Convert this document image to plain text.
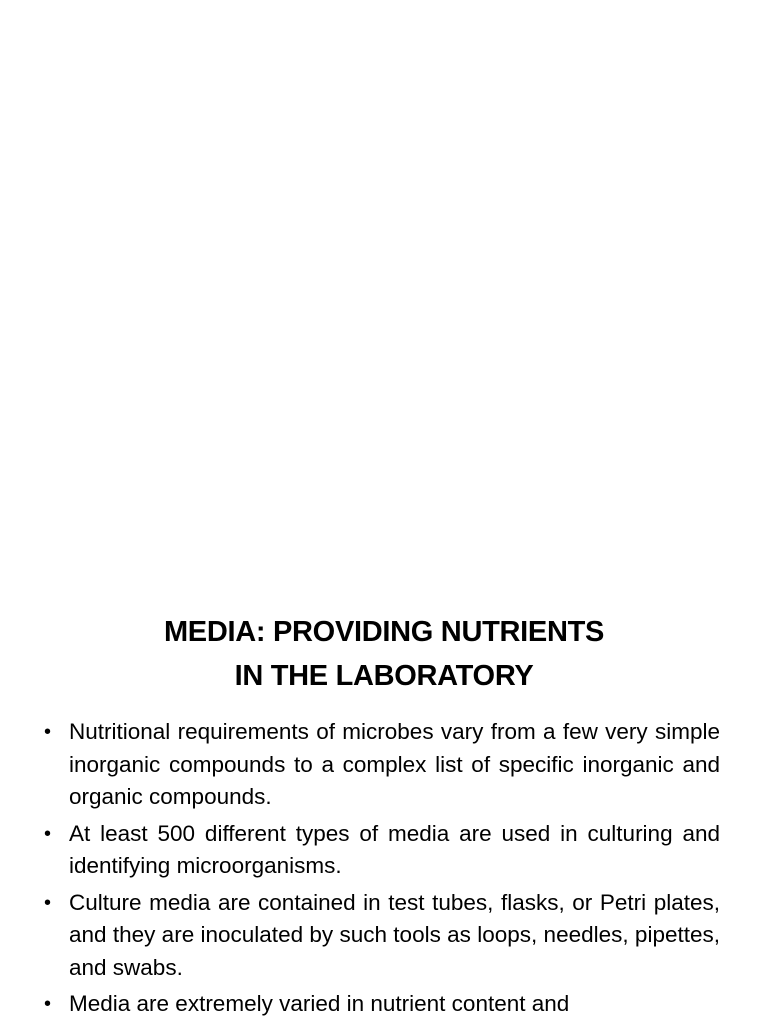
MEDIA: PROVIDING NUTRIENTS
IN THE LABORATORY
• Nutritional requirements of microbes vary from a few very simple inorganic compounds to a complex list of specific inorganic and organic compounds.
• At least 500 different types of media are used in culturing and identifying microorganisms.
• Culture media are contained in test tubes, flasks, or Petri plates, and they are inoculated by such tools as loops, needles, pipettes, and swabs.
• Media are extremely varied in nutrient content and
